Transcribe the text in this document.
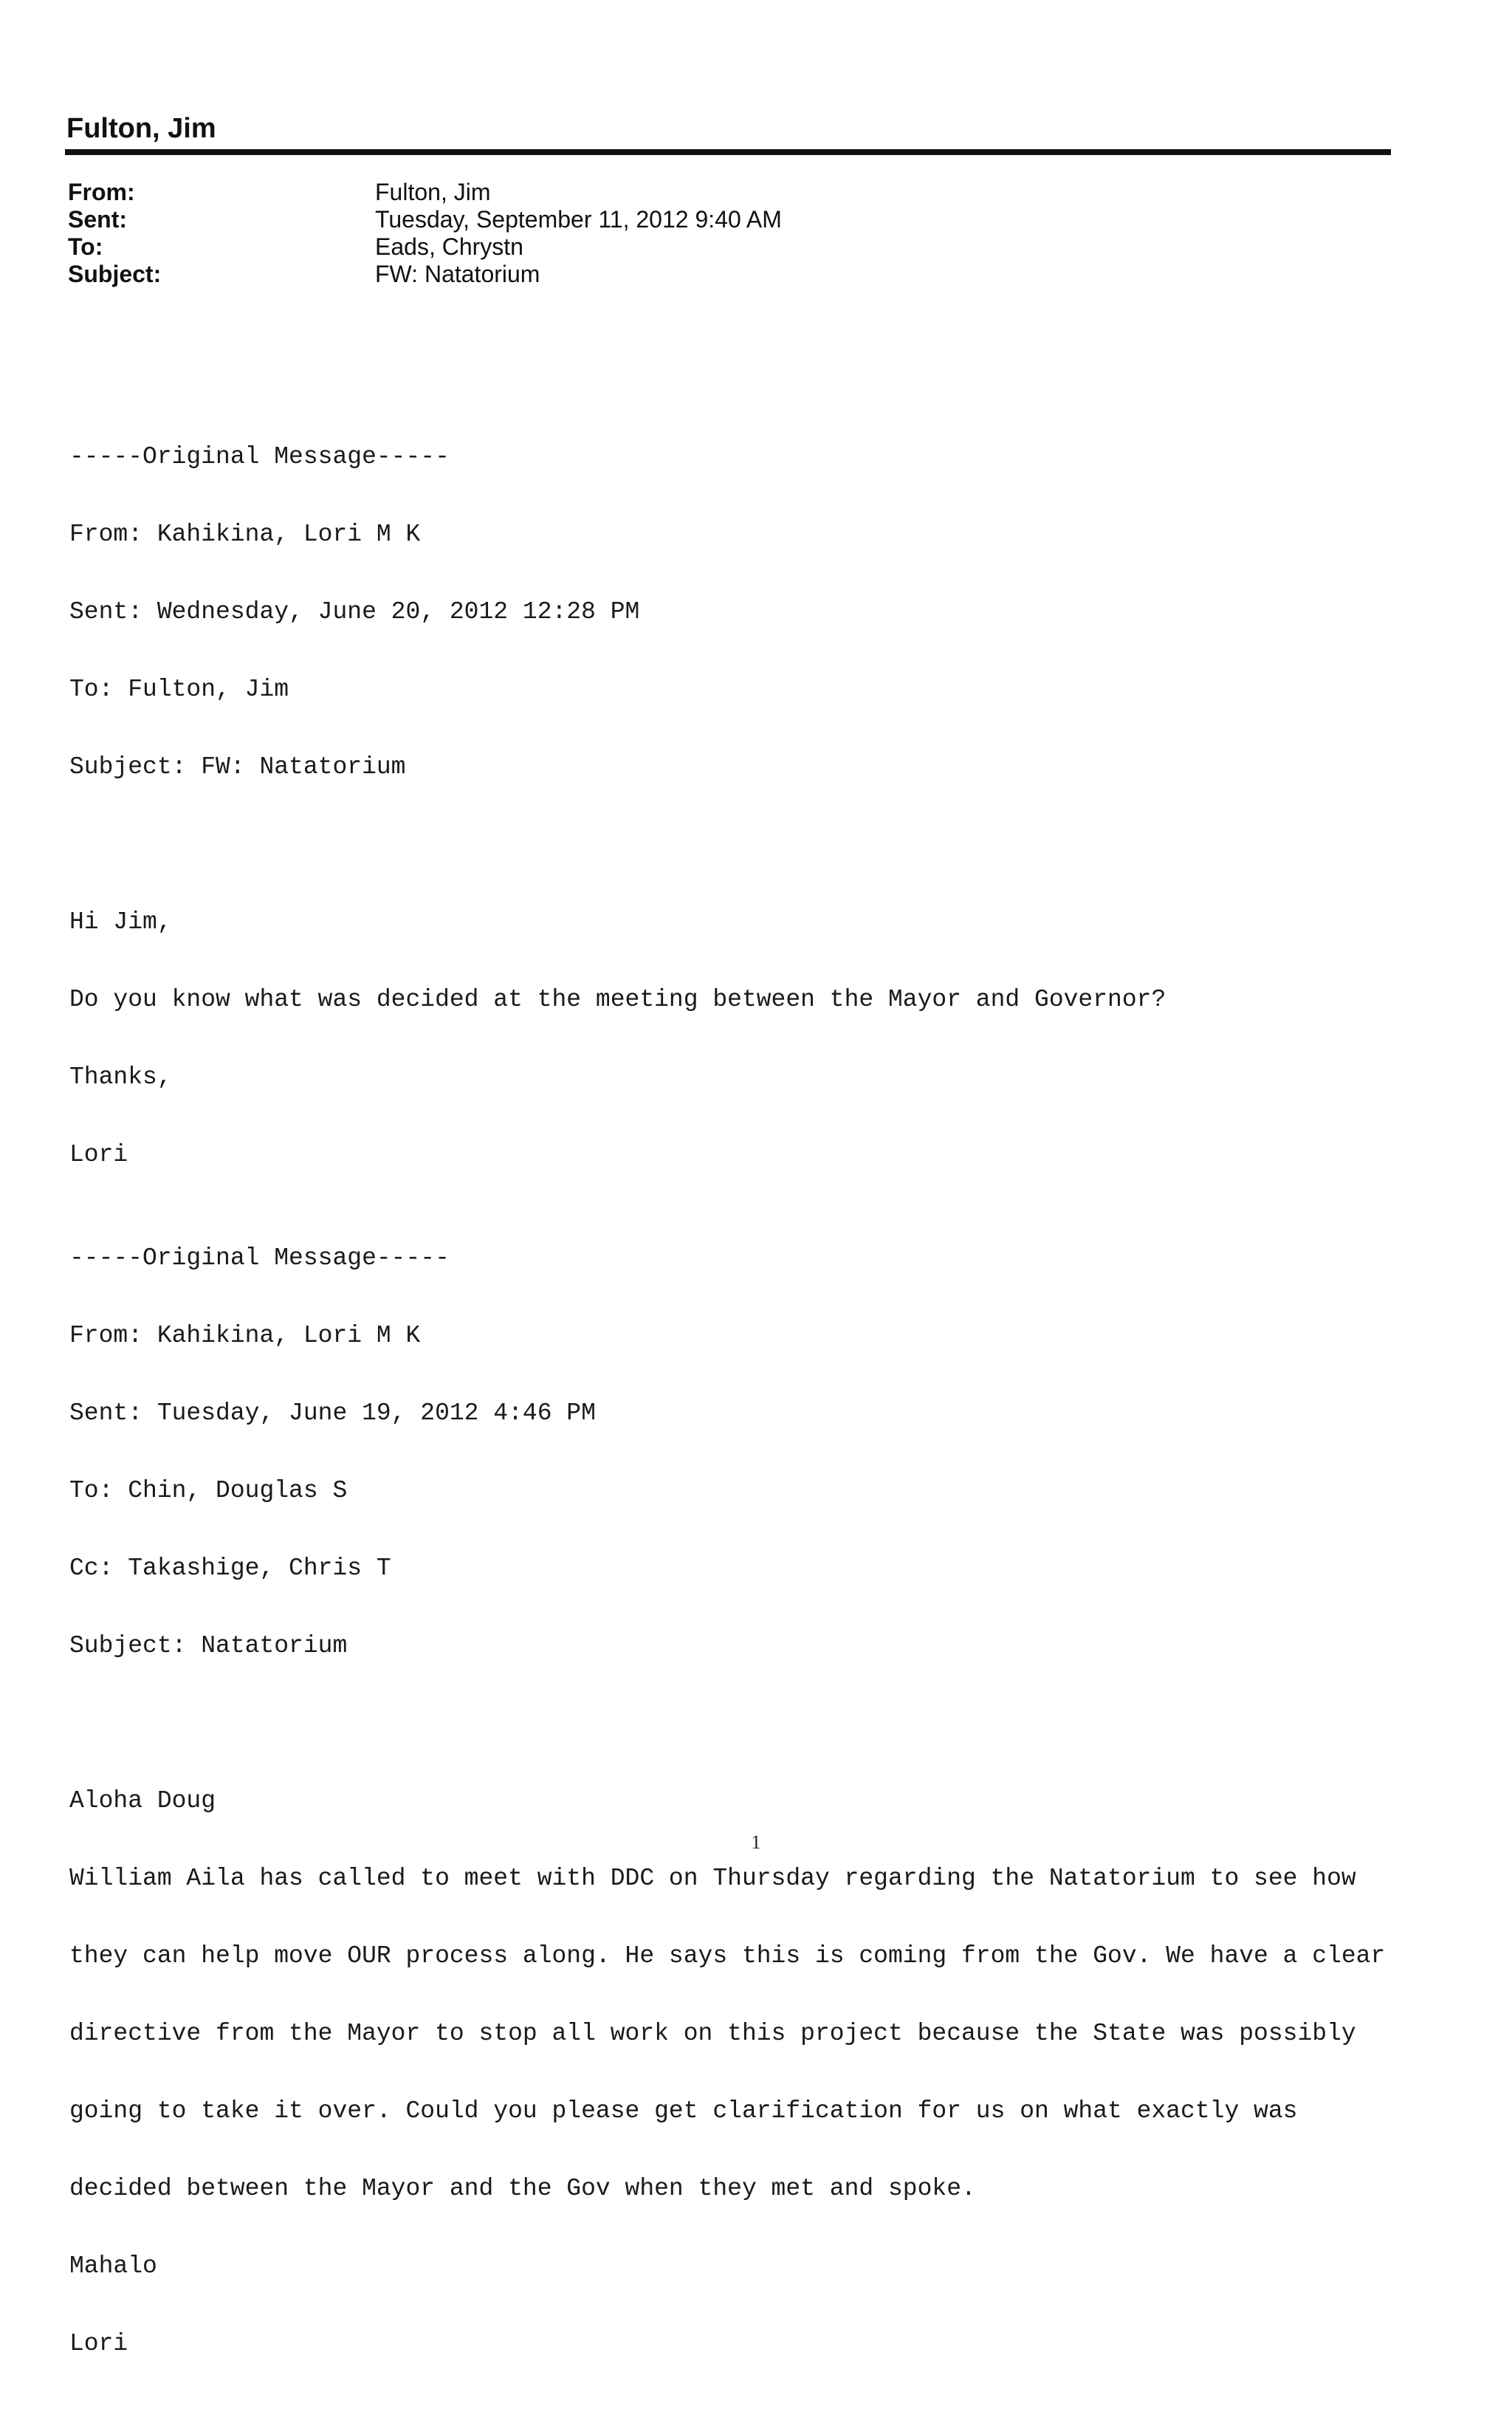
Fulton, Jim
From:	Fulton, Jim
Sent:	Tuesday, September 11, 2012 9:40 AM
To:	Eads, Chrystn
Subject:	FW: Natatorium

-----Original Message-----

From: Kahikina, Lori M K

Sent: Wednesday, June 20, 2012 12:28 PM

To: Fulton, Jim

Subject: FW: Natatorium

Hi Jim,

Do you know what was decided at the meeting between the Mayor and Governor?

Thanks,

Lori

-----Original Message-----

From: Kahikina, Lori M K

Sent: Tuesday, June 19, 2012 4:46 PM

To: Chin, Douglas S

Cc: Takashige, Chris T

Subject: Natatorium

Aloha Doug

William Aila has called to meet with DDC on Thursday regarding the Natatorium to see how

they can help move OUR process along. He says this is coming from the Gov. We have a clear

directive from the Mayor to stop all work on this project because the State was possibly

going to take it over. Could you please get clarification for us on what exactly was

decided between the Mayor and the Gov when they met and spoke.

Mahalo

Lori

1
